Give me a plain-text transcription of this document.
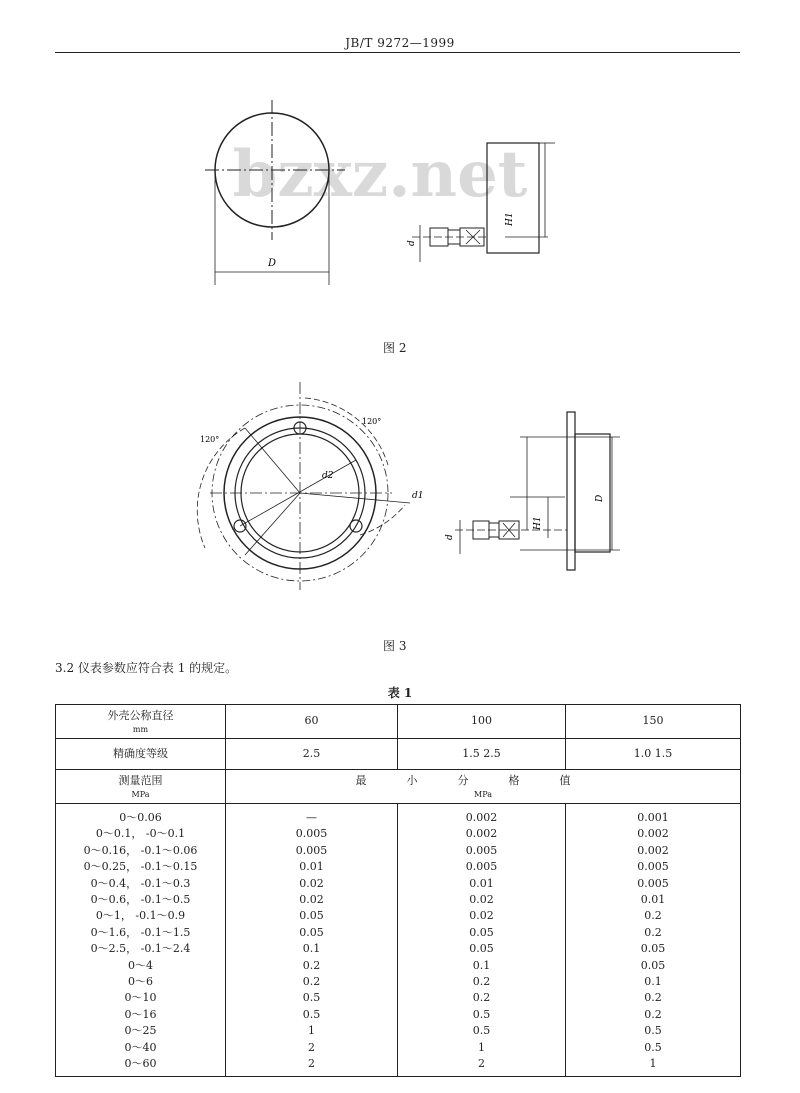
JB/T 9272—1999
bzxz.net
D
H1
d
图 2
120°
120°
d2
d1	D
H1
d
图 3
3.2 仪表参数应符合表 1 的规定。
表 1
外壳公称直径
mm	60	100	150
精确度等级	2.5	1.5 2.5	1.0 1.5
测量范围
MPa	最小分格值
MPa		

0～0.06	—	0.002	0.001
0～0.1， -0～0.1	0.005	0.002	0.002
0～0.16， -0.1～0.06	0.005	0.005	0.002
0～0.25， -0.1～0.15	0.01	0.005	0.005
0～0.4， -0.1～0.3	0.02	0.01	0.005
0～0.6， -0.1～0.5	0.02	0.02	0.01
0～1， -0.1～0.9	0.05	0.02	0.2
0～1.6， -0.1～1.5	0.05	0.05	0.2
0～2.5， -0.1～2.4	0.1	0.05	0.05
0～4	0.2	0.1	0.05
0～6	0.2	0.2	0.1
0～10	0.5	0.2	0.2
0～16	0.5	0.5	0.2
0～25	1	0.5	0.5
0～40	2	1	0.5
0～60	2	2	1
